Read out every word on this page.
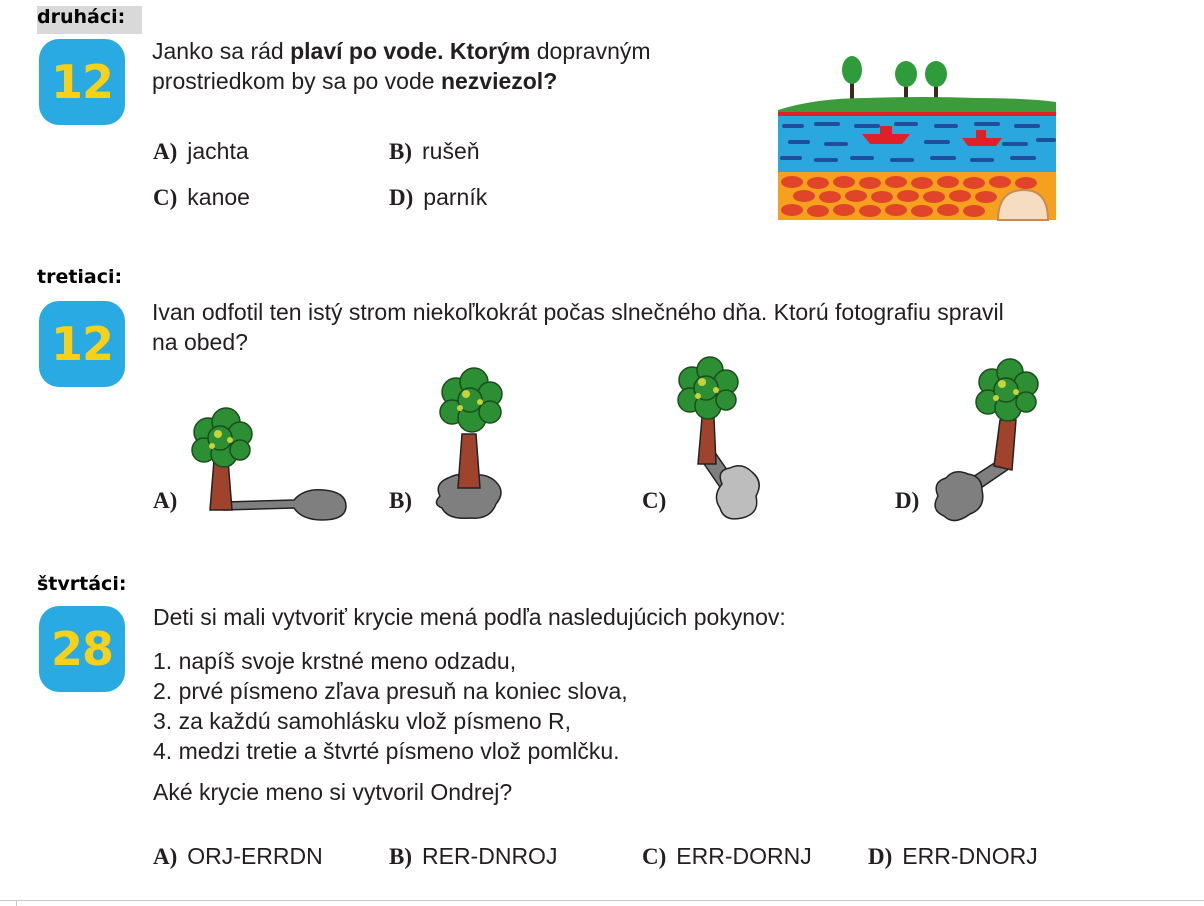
druháci:
12
Janko sa rád plaví po vode. Ktorým dopravným
prostriedkom by sa po vode nezviezol?
A) jachta	B) rušeň
C) kanoe	D) parník
tretiaci:
12
Ivan odfotil ten istý strom niekoľkokrát počas slnečného dňa. Ktorú fotografiu spravil
na obed?
A)	B)	C)	D)
štvrtáci:
28
Deti si mali vytvoriť krycie mená podľa nasledujúcich pokynov:
1. napíš svoje krstné meno odzadu,
2. prvé písmeno zľava presuň na koniec slova,
3. za každú samohlásku vlož písmeno R,
4. medzi tretie a štvrté písmeno vlož pomlčku.
Aké krycie meno si vytvoril Ondrej?
A) ORJ-ERRDN	B) RER-DNROJ	C) ERR-DORNJ D) ERR-DNORJ
